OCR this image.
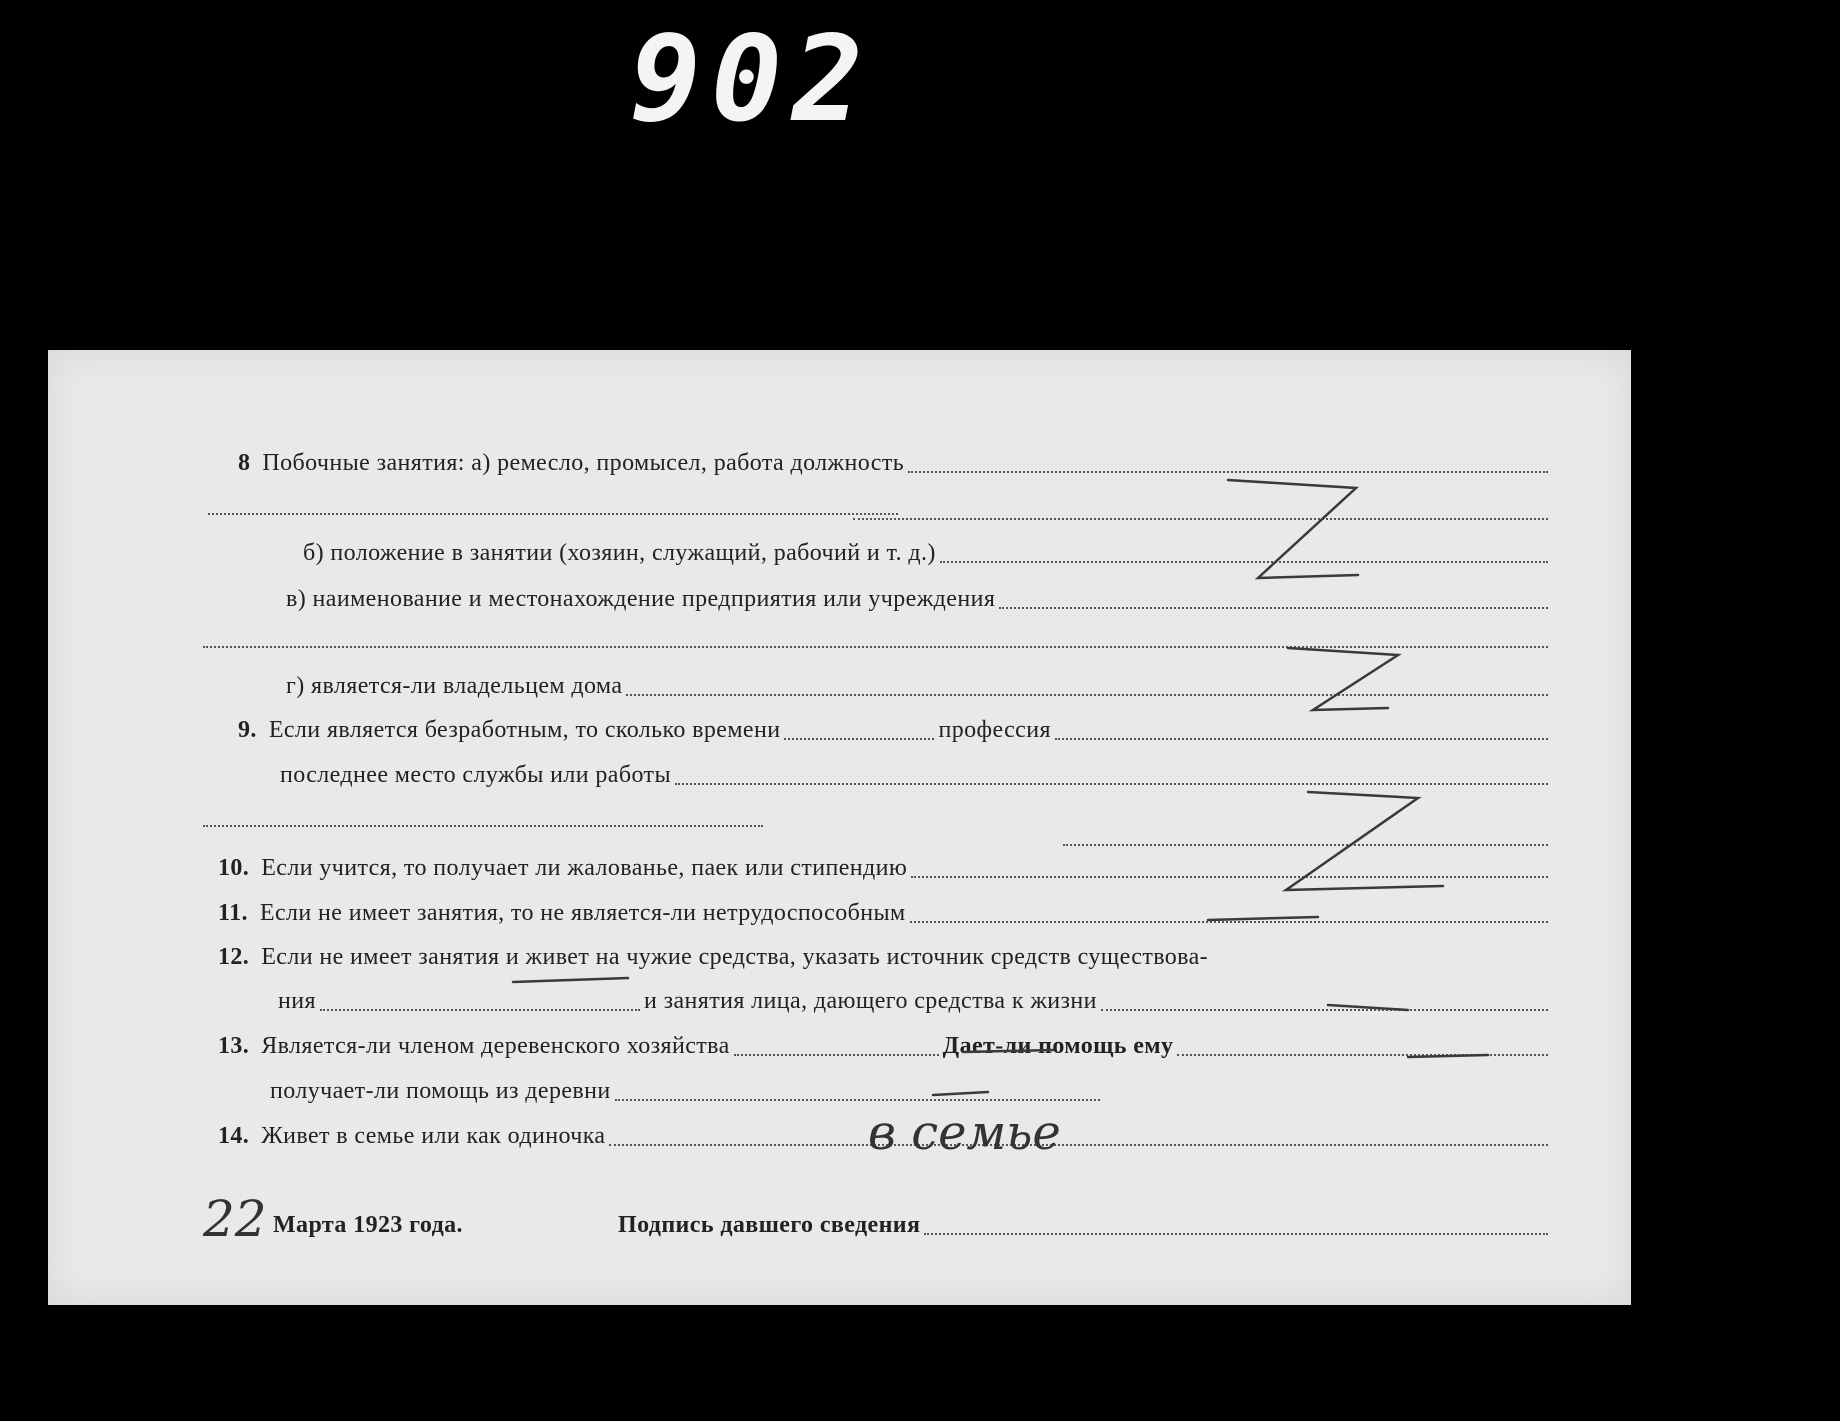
902
8 Побочные занятия: а) ремесло, промысел, работа должность
б) положение в занятии (хозяин, служащий, рабочий и т. д.)
в) наименование и местонахождение предприятия или учреждения
г) является-ли владельцем дома
9. Если является безработным, то сколько времени	профессия
последнее место службы или работы
10. Если учится, то получает ли жалованье, паек или стипендию
11. Если не имеет занятия, то не является-ли нетрудоспособным
12. Если не имеет занятия и живет на чужие средства, указать источник средств существова-
ния	и занятия лица, дающего средства к жизни
13. Является-ли членом деревенского хозяйства	Дает-ли помощь ему
получает-ли помощь из деревни
14. Живет в семье или как одиночка	в семье
22 Марта 1923 года.	Подпись давшего сведения
